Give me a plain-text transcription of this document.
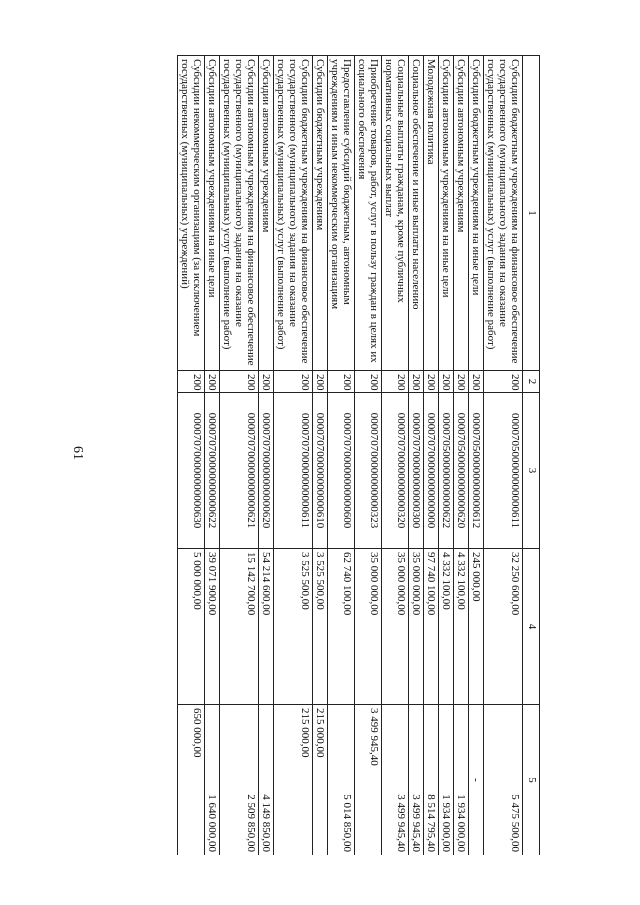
61
1	2	3	4	5
Субсидии бюджетным учреждениям на финансовое обеспечение государственного (муниципального) задания на оказание государственных (муниципальных) услуг (выполнение работ)	200	000070500000000000611	32 250 600,00	5 475 500,00
Субсидии бюджетным учреждениям на иные цели	200	000070500000000000612	245 000,00	-
Субсидии автономным учреждениям	200	000070500000000000620	4 332 100,00	1 934 000,00
Субсидии автономным учреждениям на иные цели	200	000070500000000000622	4 332 100,00	1 934 000,00
Молодежная политика	200	000070700000000000000	97 740 100,00	8 514 795,40
Социальное обеспечение и иные выплаты населению	200	000070700000000000300	35 000 000,00	3 499 945,40
Социальные выплаты гражданам, кроме публичных нормативных социальных выплат	200	000070700000000000320	35 000 000,00	3 499 945,40
Приобретение товаров, работ, услуг в пользу граждан в целях их социального обеспечения	200	000070700000000000323	35 000 000,00	3 499 945,40
Предоставление субсидий бюджетным, автономным учреждениям и иным некоммерческим организациям	200	000070700000000000600	62 740 100,00	5 014 850,00
Субсидии бюджетным учреждениям	200	000070700000000000610	3 525 500,00	215 000,00
Субсидии бюджетным учреждениям на финансовое обеспечение государственного (муниципального) задания на оказание государственных (муниципальных) услуг (выполнение работ)	200	000070700000000000611	3 525 500,00	215 000,00
Субсидии автономным учреждениям	200	000070700000000000620	54 214 600,00	4 149 850,00
Субсидии автономным учреждениям на финансовое обеспечение государственного (муниципального) задания на оказание государственных (муниципальных) услуг (выполнение работ)	200	000070700000000000621	15 142 700,00	2 509 850,00
Субсидии автономным учреждениям на иные цели	200	000070700000000000622	39 071 900,00	1 640 000,00
Субсидии некоммерческим организациям (за исключением государственных (муниципальных) учреждений)	200	000070700000000000630	5 000 000,00	650 000,00
